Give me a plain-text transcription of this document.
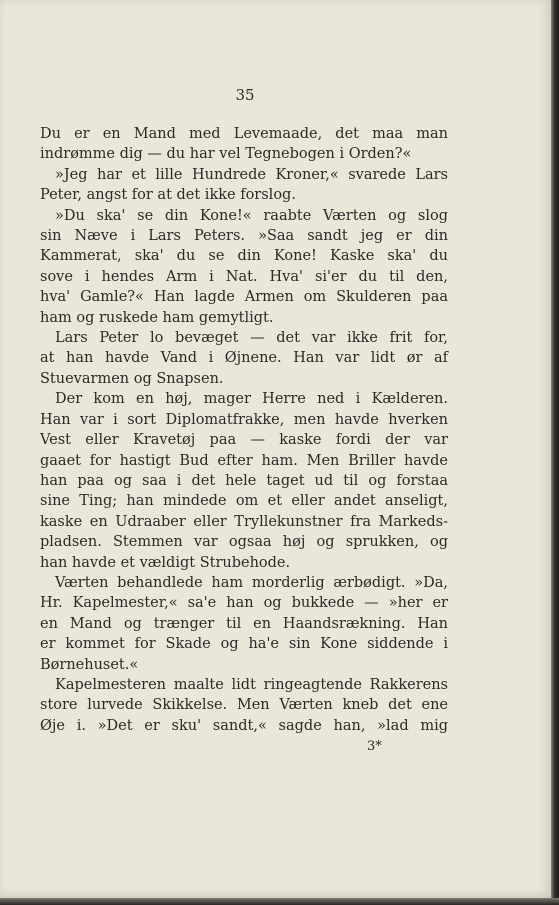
35
Du er en Mand med Levemaade, det maa man
indrømme dig — du har vel Tegnebogen i Orden?«
»Jeg har et lille Hundrede Kroner,« svarede Lars
Peter, angst for at det ikke forslog.
»Du ska' se din Kone!« raabte Værten og slog
sin Næve i Lars Peters. »Saa sandt jeg er din
Kammerat, ska' du se din Kone! Kaske ska' du
sove i hendes Arm i Nat. Hva' si'er du til den,
hva' Gamle?« Han lagde Armen om Skulderen paa
ham og ruskede ham gemytligt.
Lars Peter lo bevæget — det var ikke frit for,
at han havde Vand i Øjnene. Han var lidt ør af
Stuevarmen og Snapsen.
Der kom en høj, mager Herre ned i Kælderen.
Han var i sort Diplomatfrakke, men havde hverken
Vest eller Kravetøj paa — kaske fordi der var
gaaet for hastigt Bud efter ham. Men Briller havde
han paa og saa i det hele taget ud til og forstaa
sine Ting; han mindede om et eller andet anseligt,
kaske en Udraaber eller Tryllekunstner fra Markeds-
pladsen. Stemmen var ogsaa høj og sprukken, og
han havde et vældigt Strubehode.
Værten behandlede ham morderlig ærbødigt. »Da,
Hr. Kapelmester,« sa'e han og bukkede — »her er
en Mand og trænger til en Haandsrækning. Han
er kommet for Skade og ha'e sin Kone siddende i
Børnehuset.«
Kapelmesteren maalte lidt ringeagtende Rakkerens
store lurvede Skikkelse. Men Værten kneb det ene
Øje i. »Det er sku' sandt,« sagde han, »lad mig
3*
